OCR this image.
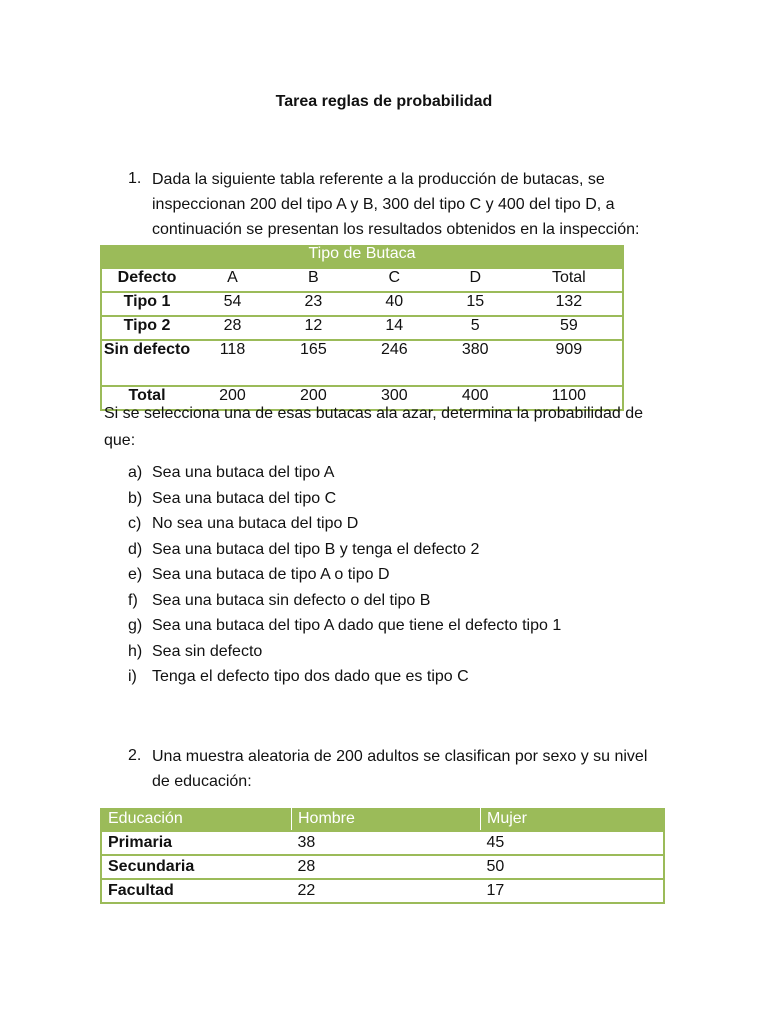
Tarea reglas de probabilidad
1. Dada la siguiente tabla referente a la producción de butacas, se
inspeccionan 200 del tipo A y B, 300 del tipo C y 400 del tipo D, a
continuación se presentan los resultados obtenidos en la inspección:
Tipo de Butaca					
Defecto	A	B	C	D	Total
Tipo 1	54	23	40	15	132
Tipo 2	28	12	14	5	59
Sin defecto	118	165	246	380	909
Total	200	200	300	400	1100
Si se selecciona una de esas butacas ala azar, determina la probabilidad de
que:
a) Sea una butaca del tipo A
b) Sea una butaca del tipo C
c) No sea una butaca del tipo D
d) Sea una butaca del tipo B y tenga el defecto 2
e) Sea una butaca de tipo A o tipo D
f) Sea una butaca sin defecto o del tipo B
g) Sea una butaca del tipo A dado que tiene el defecto tipo 1
h) Sea sin defecto
i) Tenga el defecto tipo dos dado que es tipo C
2. Una muestra aleatoria de 200 adultos se clasifican por sexo y su nivel
de educación:
Educación	Hombre	Mujer
Primaria	38	45
Secundaria	28	50
Facultad	22	17
